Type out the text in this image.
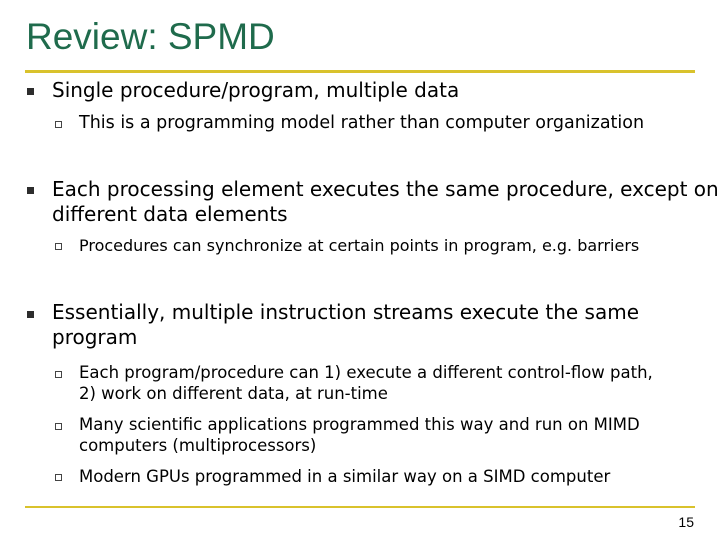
Review: SPMD
Single procedure/program, multiple data
This is a programming model rather than computer organization
Each processing element executes the same procedure, except on
different data elements
Procedures can synchronize at certain points in program, e.g. barriers
Essentially, multiple instruction streams execute the same
program
Each program/procedure can 1) execute a different control-flow path,
2) work on different data, at run-time
Many scientific applications programmed this way and run on MIMD
computers (multiprocessors)
Modern GPUs programmed in a similar way on a SIMD computer
15
